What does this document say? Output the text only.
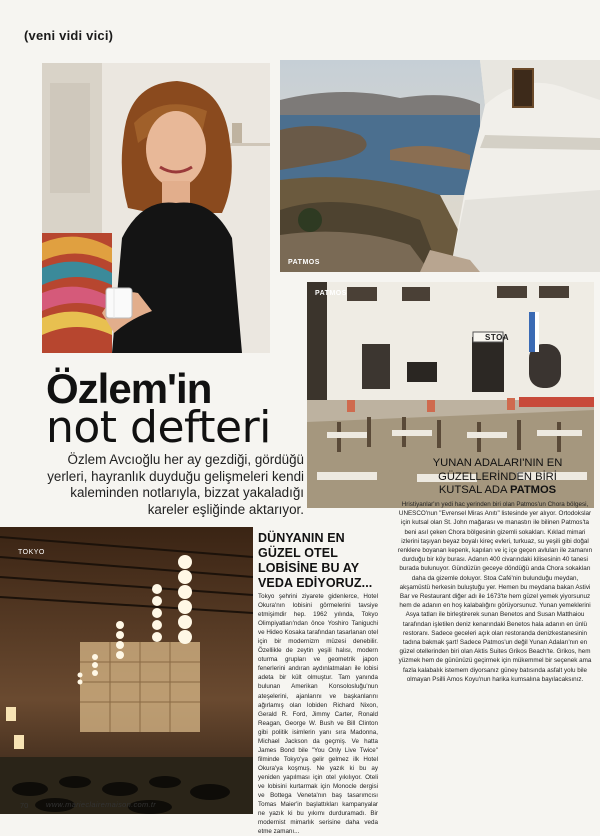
(veni vidi vici)
PATMOS
STOA
PATMOS
Özlem'in
not defteri
Özlem Avcıoğlu her ay gezdiği, gördüğü yerleri, hayranlık duyduğu gelişmeleri kendi kaleminden notlarıyla, bizzat yakaladığı kareler eşliğinde aktarıyor.
TOKYO
DÜNYANIN EN GÜZEL OTEL LOBİSİNE BU AY VEDA EDİYORUZ...
Tokyo şehrini ziyarete gidenlerce, Hotel Okura'nın lobisini görmelerini tavsiye etmişimdir hep. 1962 yılında, Tokyo Olimpiyatları'ndan önce Yoshiro Taniguchi ve Hideo Kosaka tarafından tasarlanan otel için bir modernizm müzesi denebilir. Özellikle de zeytin yeşili halısı, modern oturma grupları ve geometrik japon fenerlerini andıran aydınlatmaları ile lobisi adeta bir kült olmuştur. Tam yanında bulunan Amerikan Konsolosluğu'nun ateşelerini, ajanlarını ve başkanlarını ağırlamış olan lobiden Richard Nixon, Gerald R. Ford, Jimmy Carter, Ronald Reagan, George W. Bush ve Bill Clinton gibi politik isimlerin yanı sıra Madonna, Michael Jackson da geçmiş. Ve hatta James Bond bile "You Only Live Twice" filminde Tokyo'ya gelir gelmez ilk Hotel Okura'ya koşmuş. Ne yazık ki bu ay yeniden yapılması için otel yıkılıyor. Oteli ve lobisini kurtarmak için Monocle dergisi ve Bottega Veneta'nın baş tasarımcısı Tomas Maier'in başlattıkları kampanyalar ne yazık ki bu yıkımı durduramadı. Bir modernist mimarlık serisine daha veda etme zamanı...
YUNAN ADALARI'NIN EN
GÜZELLERİNDEN BİRİ
KUTSAL ADA PATMOS
Hristiyanlar'ın yedi hac yerinden biri olan Patmos'un Chora bölgesi, UNESCO'nun "Evrensel Miras Anıtı" listesinde yer alıyor. Ortodokslar için kutsal olan St. John mağarası ve manastırı ile bilinen Patmos'ta beni asıl çeken Chora bölgesinin gizemli sokakları. Kıklad mimari izlerini taşıyan beyaz boyalı kireç evleri, turkuaz, su yeşili gibi doğal renklere boyanan kepenk, kapıları ve iç içe geçen avluları ile zamanın durduğu bir köy burası. Adanın 400 civarındaki kilisesinin 40 tanesi burada bulunuyor. Gündüzün geceye döndüğü anda Chora sokakları daha da gizemle doluyor. Stoa Café'nin bulunduğu meydan, akşamüstü herkesin buluştuğu yer. Hemen bu meydana bakan Astivi Bar ve Restaurant diğer adı ile 1673'te hem güzel yemek yiyorsunuz hem de adanın en hoş kalabalığını görüyorsunuz. Yunan yemeklerini Asya tatları ile birleştirerek sunan Benetos and Susan Matthaiou tarafından işletilen deniz kenarındaki Benetos hala adanın en ünlü restoranı. Sadece geceleri açık olan restoranda denizkestanesinin tadına bakmak şart! Sadece Patmos'un değil Yunan Adaları'nın en güzel otellerinden biri olan Aktis Suites Grikos Beach'te. Grikos, hem yüzmek hem de gününüzü geçirmek için mükemmel bir seçenek ama fazla kalabalık istemem diyorsanız güney batısında asfalt yolu bile olmayan Psilli Amos Koyu'nun harika kumsalına bayılacaksınız.
70 www.marieclairemaison.com.tr
